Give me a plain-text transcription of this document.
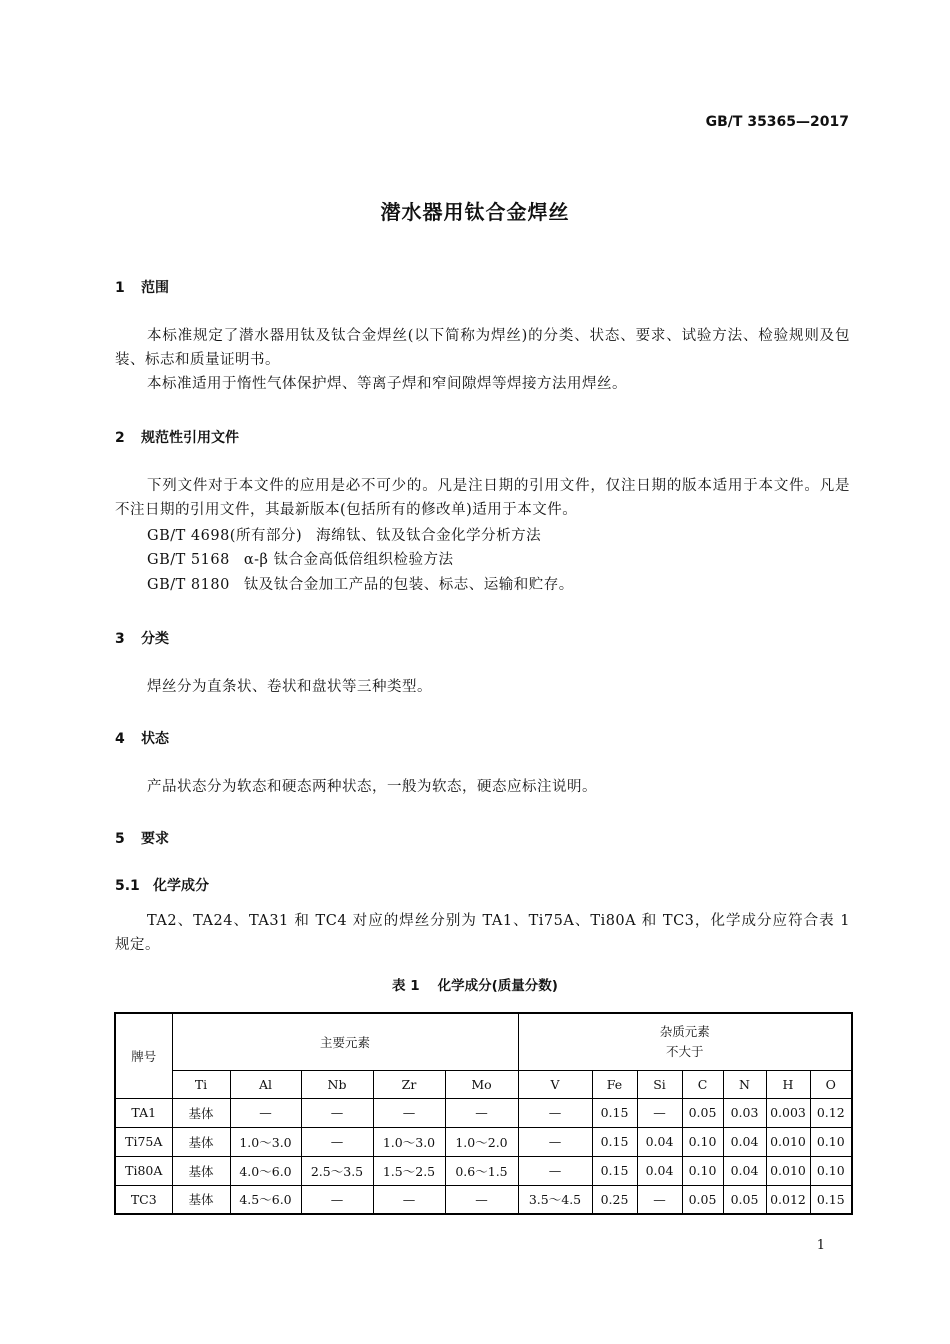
GB/T 35365—2017
潜水器用钛合金焊丝
1 范围
本标准规定了潜水器用钛及钛合金焊丝(以下简称为焊丝)的分类、状态、要求、试验方法、检验规则及包装、标志和质量证明书。
本标准适用于惰性气体保护焊、等离子焊和窄间隙焊等焊接方法用焊丝。
2 规范性引用文件
下列文件对于本文件的应用是必不可少的。凡是注日期的引用文件，仅注日期的版本适用于本文件。凡是不注日期的引用文件，其最新版本(包括所有的修改单)适用于本文件。
GB/T 4698(所有部分) 海绵钛、钛及钛合金化学分析方法
GB/T 5168 α-β 钛合金高低倍组织检验方法
GB/T 8180 钛及钛合金加工产品的包装、标志、运输和贮存。
3 分类
焊丝分为直条状、卷状和盘状等三种类型。
4 状态
产品状态分为软态和硬态两种状态，一般为软态，硬态应标注说明。
5 要求
5.1 化学成分
TA2、TA24、TA31 和 TC4 对应的焊丝分别为 TA1、Ti75A、Ti80A 和 TC3，化学成分应符合表 1 规定。
表 1 化学成分(质量分数)
牌号	主要元素					杂质元素
不大于						

	Ti	Al	Nb	Zr	Mo	V	Fe	Si	C	N	H	O
TA1	基体	—	—	—	—	—	0.15	—	0.05	0.03	0.003	0.12
Ti75A	基体	1.0～3.0	—	1.0～3.0	1.0～2.0	—	0.15	0.04	0.10	0.04	0.010	0.10
Ti80A	基体	4.0～6.0	2.5～3.5	1.5～2.5	0.6～1.5	—	0.15	0.04	0.10	0.04	0.010	0.10
TC3	基体	4.5～6.0	—	—	—	3.5～4.5	0.25	—	0.05	0.05	0.012	0.15
1
